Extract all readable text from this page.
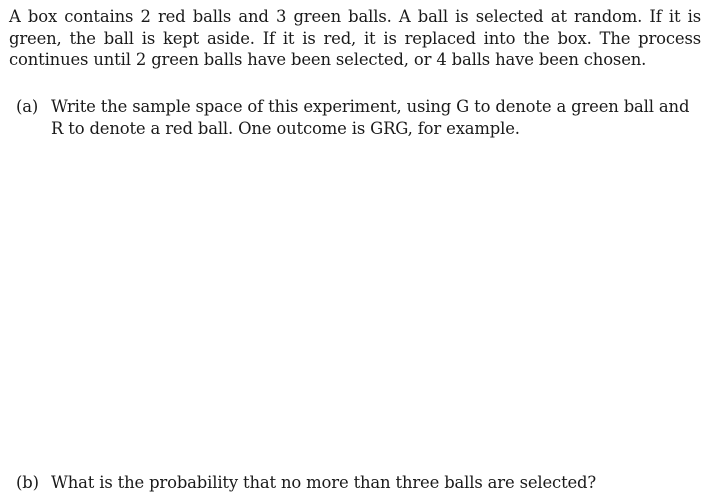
A box contains 2 red balls and 3 green balls. A ball is selected at random. If it is green, the ball is kept aside. If it is red, it is replaced into the box. The process continues until 2 green balls have been selected, or 4 balls have been chosen.

(a) Write the sample space of this experiment, using G to denote a green ball and R to denote a red ball. One outcome is GRG, for example.
(b) What is the probability that no more than three balls are selected?
